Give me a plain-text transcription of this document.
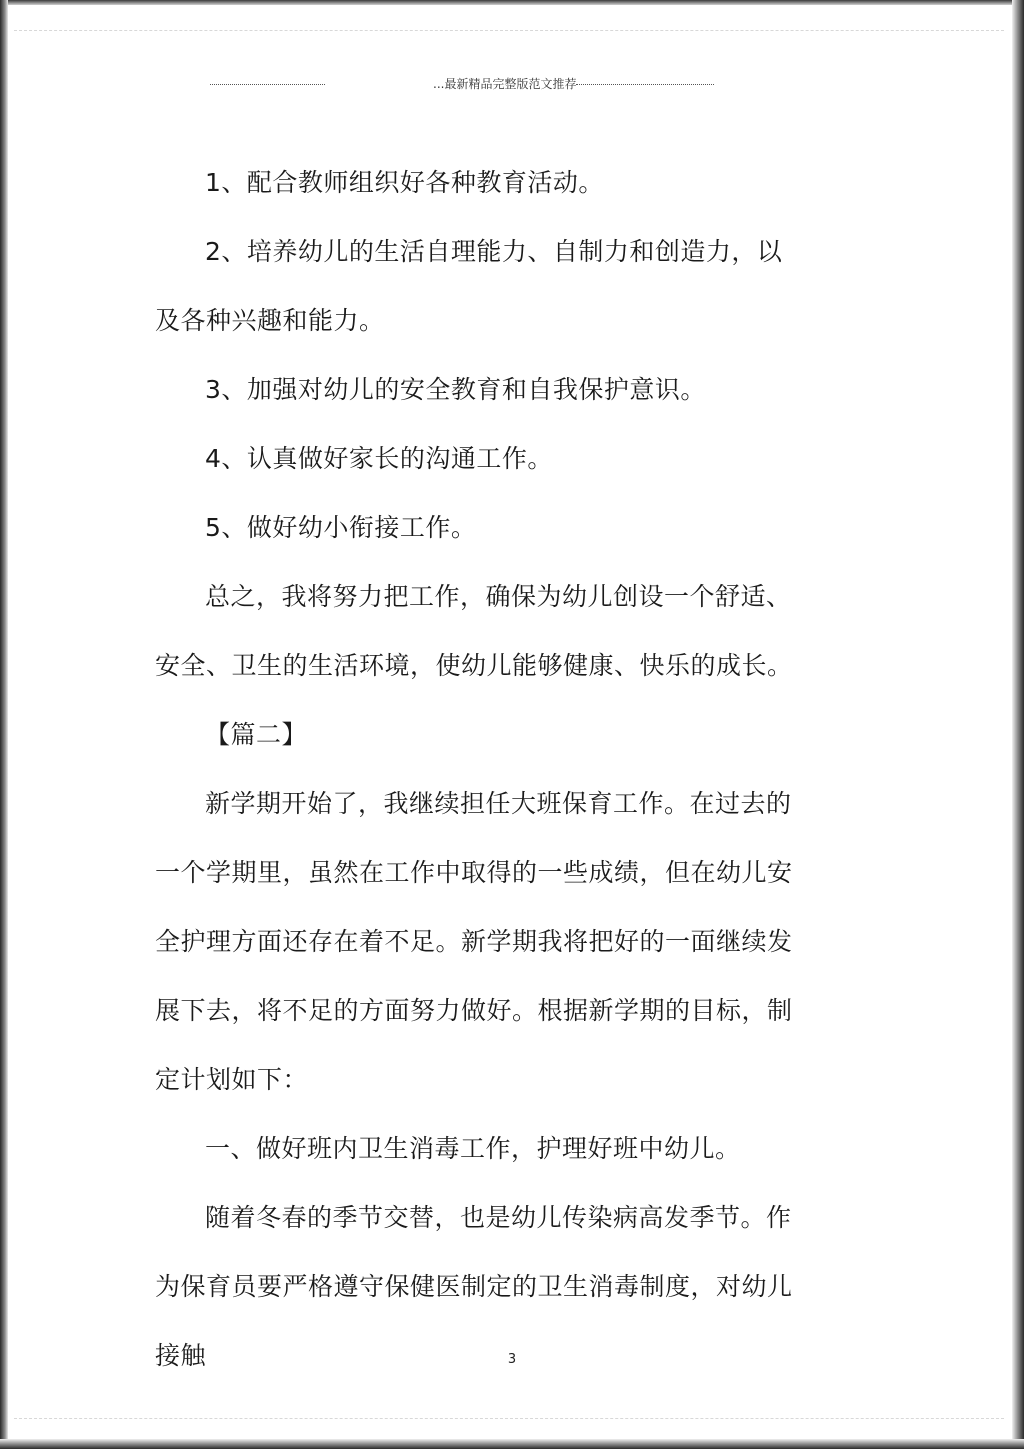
...最新精品完整版范文推荐

1、配合教师组织好各种教育活动。

2、培养幼儿的生活自理能力、自制力和创造力，以及各种兴趣和能力。

3、加强对幼儿的安全教育和自我保护意识。

4、认真做好家长的沟通工作。

5、做好幼小衔接工作。

总之，我将努力把工作，确保为幼儿创设一个舒适、安全、卫生的生活环境，使幼儿能够健康、快乐的成长。

【篇二】

新学期开始了，我继续担任大班保育工作。在过去的一个学期里，虽然在工作中取得的一些成绩，但在幼儿安全护理方面还存在着不足。新学期我将把好的一面继续发展下去，将不足的方面努力做好。根据新学期的目标，制定计划如下：

一、做好班内卫生消毒工作，护理好班中幼儿。

随着冬春的季节交替，也是幼儿传染病高发季节。作为保育员要严格遵守保健医制定的卫生消毒制度，对幼儿接触	3
